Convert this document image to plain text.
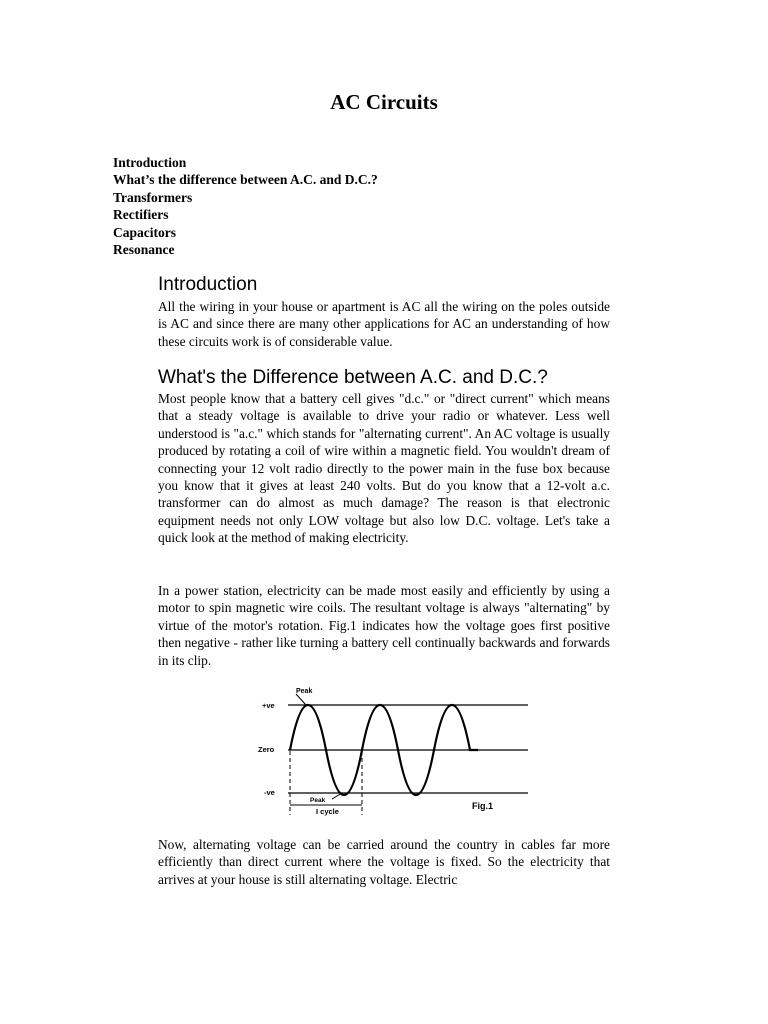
AC Circuits
Introduction
What’s the difference between A.C. and D.C.?
Transformers
Rectifiers
Capacitors
Resonance
Introduction

All the wiring in your house or apartment is AC all the wiring on the poles outside is AC and since there are many other applications for AC an understanding of how these circuits work is of considerable value.

What's the Difference between A.C. and D.C.?

Most people know that a battery cell gives "d.c." or "direct current" which means that a steady voltage is available to drive your radio or whatever. Less well understood is "a.c." which stands for "alternating current". An AC voltage is usually produced by rotating a coil of wire within a magnetic field. You wouldn't dream of connecting your 12 volt radio directly to the power main in the fuse box because you know that it gives at least 240 volts. But do you know that a 12-volt a.c. transformer can do almost as much damage? The reason is that electronic equipment needs not only LOW voltage but also low D.C. voltage. Let's take a quick look at the method of making electricity.

In a power station, electricity can be made most easily and efficiently by using a motor to spin magnetic wire coils. The resultant voltage is always "alternating" by virtue of the motor's rotation. Fig.1 indicates how the voltage goes first positive then negative - rather like turning a battery cell continually backwards and forwards in its clip.

Peak
+ve
Zero
-ve
Peak
I cycle
Fig.1

Now, alternating voltage can be carried around the country in cables far more efficiently than direct current where the voltage is fixed. So the electricity that arrives at your house is still alternating voltage. Electric
